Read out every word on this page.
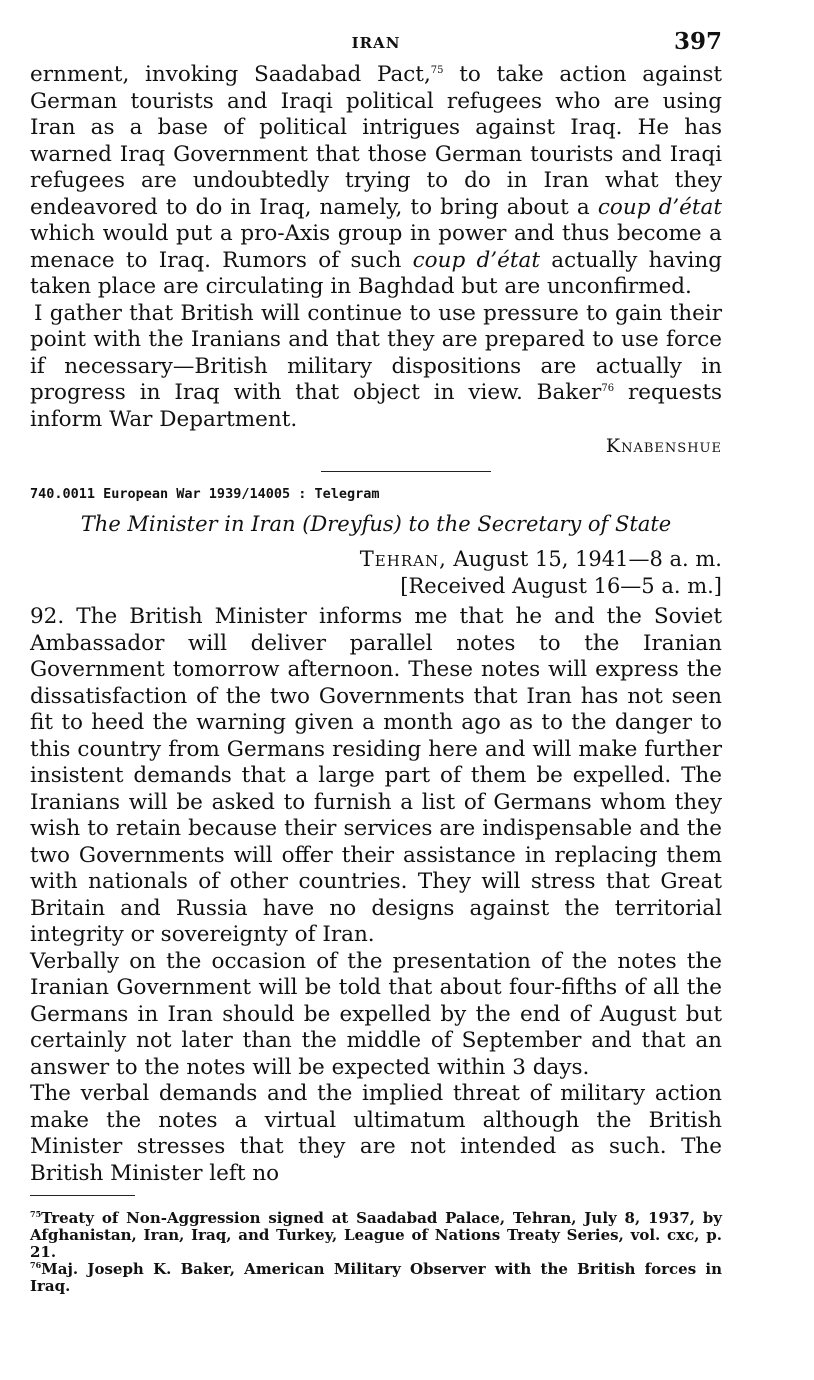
IRAN	397

ernment, invoking Saadabad Pact,$^{75}$ to take action against German tourists and Iraqi political refugees who are using Iran as a base of political intrigues against Iraq. He has warned Iraq Government that those German tourists and Iraqi refugees are undoubtedly trying to do in Iran what they endeavored to do in Iraq, namely, to bring about a coup d’état which would put a pro-Axis group in power and thus become a menace to Iraq. Rumors of such coup d’état actually having taken place are circulating in Baghdad but are unconfirmed.

I gather that British will continue to use pressure to gain their point with the Iranians and that they are prepared to use force if necessary—British military dispositions are actually in progress in Iraq with that object in view. Baker$^{76}$ requests inform War Department.

Knabenshue
740.0011 European War 1939/14005 : Telegram
The Minister in Iran (Dreyfus) to the Secretary of State
Tehran, August 15, 1941—8 a. m.
[Received August 16—5 a. m.]

92. The British Minister informs me that he and the Soviet Ambassador will deliver parallel notes to the Iranian Government tomorrow afternoon. These notes will express the dissatisfaction of the two Governments that Iran has not seen fit to heed the warning given a month ago as to the danger to this country from Germans residing here and will make further insistent demands that a large part of them be expelled. The Iranians will be asked to furnish a list of Germans whom they wish to retain because their services are indispensable and the two Governments will offer their assistance in replacing them with nationals of other countries. They will stress that Great Britain and Russia have no designs against the territorial integrity or sovereignty of Iran.

Verbally on the occasion of the presentation of the notes the Iranian Government will be told that about four-fifths of all the Germans in Iran should be expelled by the end of August but certainly not later than the middle of September and that an answer to the notes will be expected within 3 days.

The verbal demands and the implied threat of military action make the notes a virtual ultimatum although the British Minister stresses that they are not intended as such. The British Minister left no

$^{75}$Treaty of Non-Aggression signed at Saadabad Palace, Tehran, July 8, 1937, by Afghanistan, Iran, Iraq, and Turkey, League of Nations Treaty Series, vol. cxc, p. 21.
$^{76}$Maj. Joseph K. Baker, American Military Observer with the British forces in Iraq.
